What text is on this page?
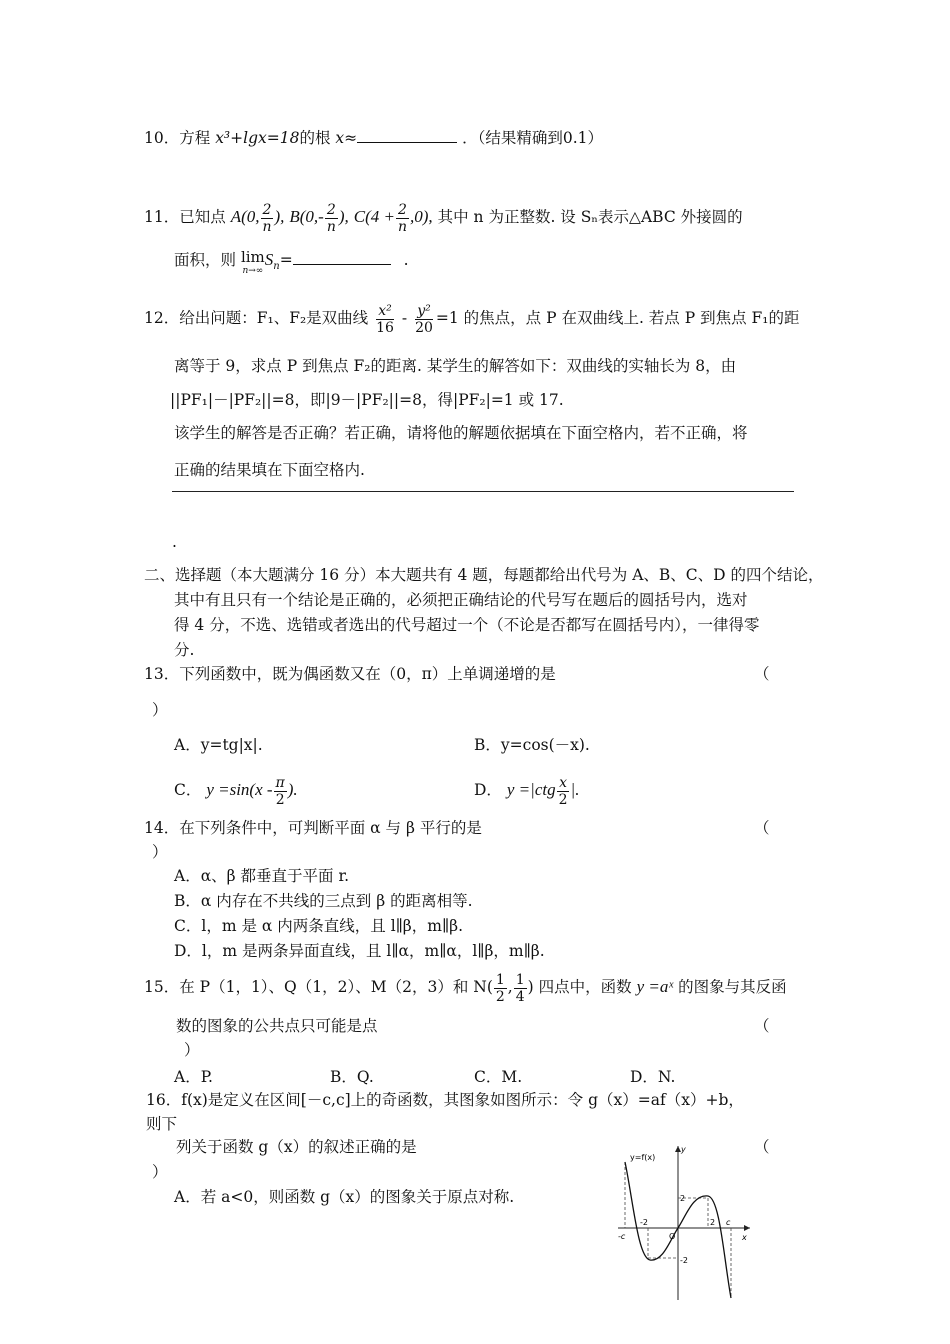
10．方程 x³+lgx=18的根 x≈	．（结果精确到0.1）
11．已知点 A(0, $\frac{2}{n}$ ), $B(0,- \frac{2}{n}$ ), $C(4 + \frac{2}{n} ,0)$, 其中 n 为正整数. 设 Sₙ表示△ABC 外接圆的
面积，则 lim
n→∞
$S_n=$	.
12．给出问题：F₁、F₂是双曲线 $\frac{\text{x²}}{16} - \frac{\text{y²}}{20} =1$ 的焦点，点 P 在双曲线上. 若点 P 到焦点 F₁的距
离等于 9，求点 P 到焦点 F₂的距离. 某学生的解答如下：双曲线的实轴长为 8，由
||PF₁|－|PF₂||=8，即|9－|PF₂||=8，得|PF₂|=1 或 17.
该学生的解答是否正确？若正确，请将他的解题依据填在下面空格内，若不正确，将
正确的结果填在下面空格内.
.
二、选择题（本大题满分 16 分）本大题共有 4 题，每题都给出代号为 A、B、C、D 的四个结论，
其中有且只有一个结论是正确的，必须把正确结论的代号写在题后的圆括号内，选对
得 4 分，不选、选错或者选出的代号超过一个（不论是否都写在圆括号内），一律得零
分.
13．下列函数中，既为偶函数又在（0，π）上单调递增的是	（
）
A．y=tg|x|.	B．y=cos(－x).
C． $y =\sin(x - \frac{\pi}{2}$ ).	D． $y =|ctg \frac{x}{2}$ |.
14．在下列条件中，可判断平面 α 与 β 平行的是	（
）
A．α、β 都垂直于平面 r.
B．α 内存在不共线的三点到 β 的距离相等.
C．l，m 是 α 内两条直线，且 l∥β，m∥β.
D．l，m 是两条异面直线，且 l∥α，m∥α，l∥β，m∥β.
15．在 P（1，1）、Q（1，2）、M（2，3）和 $N( \frac{1}{2}$ , $\frac{1}{4}$ ) 四点中，函数 y =aˣ 的图象与其反函
数的图象的公共点只可能是点	（
）
A．P.	B．Q.	C．M.	D．N.
16．f(x)是定义在区间[－c,c]上的奇函数，其图象如图所示：令 g（x）=af（x）+b，
则下
列关于函数 g（x）的叙述正确的是	（
）
A．若 a<0，则函数 g（x）的图象关于原点对称.
y=f(x)
y
x
O
2
-2
-2	2 c
-c
